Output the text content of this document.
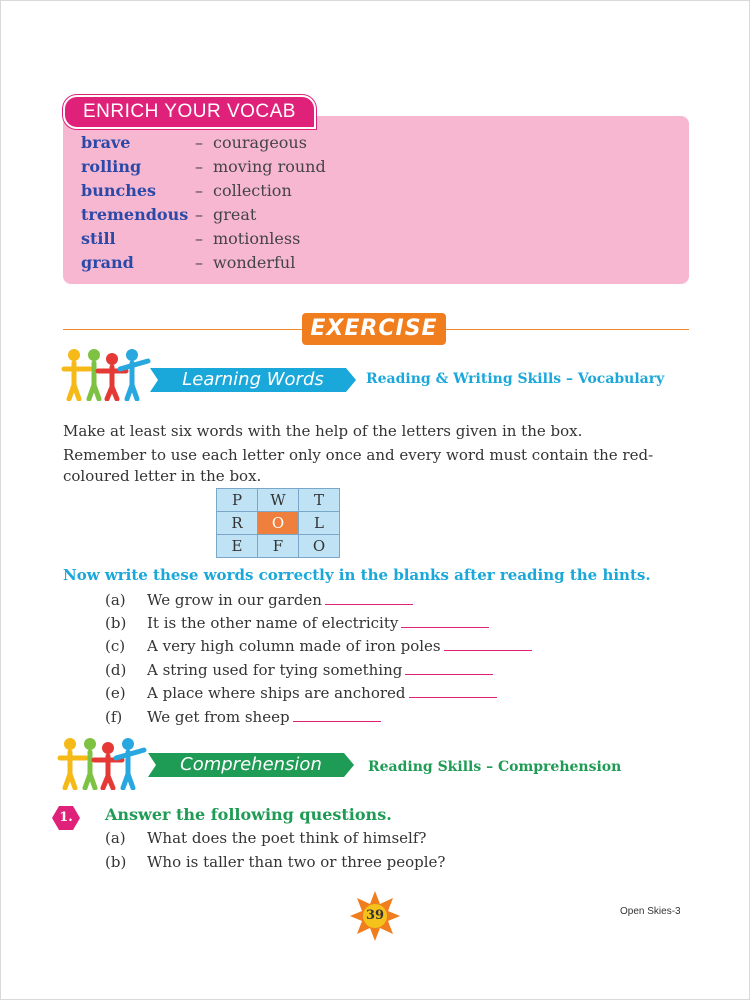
brave	– courageous
rolling	– moving round
bunches	– collection
tremendous – great
still	– motionless
grand	– wonderful
ENRICH YOUR VOCAB
EXERCISE
Learning Words	Reading & Writing Skills – Vocabulary
Make at least six words with the help of the letters given in the box.
Remember to use each letter only once and every word must contain the red-coloured letter in the box.
P	W	T
R	O	L
E	F	O
Now write these words correctly in the blanks after reading the hints.
(a) We grow in our garden
(b) It is the other name of electricity
(c) A very high column made of iron poles
(d) A string used for tying something
(e) A place where ships are anchored
(f) We get from sheep
Comprehension	Reading Skills – Comprehension
1.	Answer the following questions.
(a) What does the poet think of himself?
(b) Who is taller than two or three people?
39	Open Skies-3
